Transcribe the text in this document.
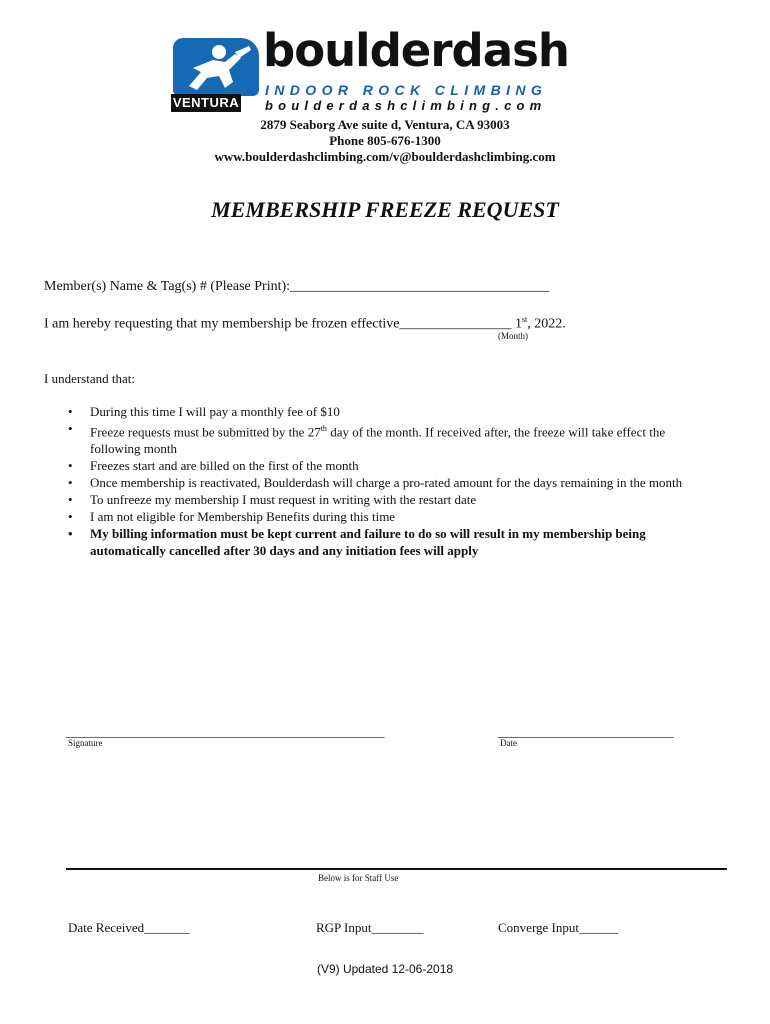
VENTURA
boulderdash
INDOOR ROCK CLIMBING
boulderdashclimbing.com
2879 Seaborg Ave suite d, Ventura, CA 93003
Phone 805-676-1300
www.boulderdashclimbing.com/v@boulderdashclimbing.com
MEMBERSHIP FREEZE REQUEST
Member(s) Name & Tag(s) # (Please Print):_____________________________________
I am hereby requesting that my membership be frozen effective________________ 1st, 2022.
(Month)
I understand that:
• During this time I will pay a monthly fee of $10
• Freeze requests must be submitted by the 27th day of the month. If received after, the freeze will take effect the following month
• Freezes start and are billed on the first of the month
• Once membership is reactivated, Boulderdash will charge a pro-rated amount for the days remaining in the month
• To unfreeze my membership I must request in writing with the restart date
• I am not eligible for Membership Benefits during this time
• My billing information must be kept current and failure to do so will result in my membership being automatically cancelled after 30 days and any initiation fees will apply
_________________________________________________
Signature
___________________________
Date
Below is for Staff Use
Date Received_______	RGP Input________	Converge Input______
(V9) Updated 12-06-2018
